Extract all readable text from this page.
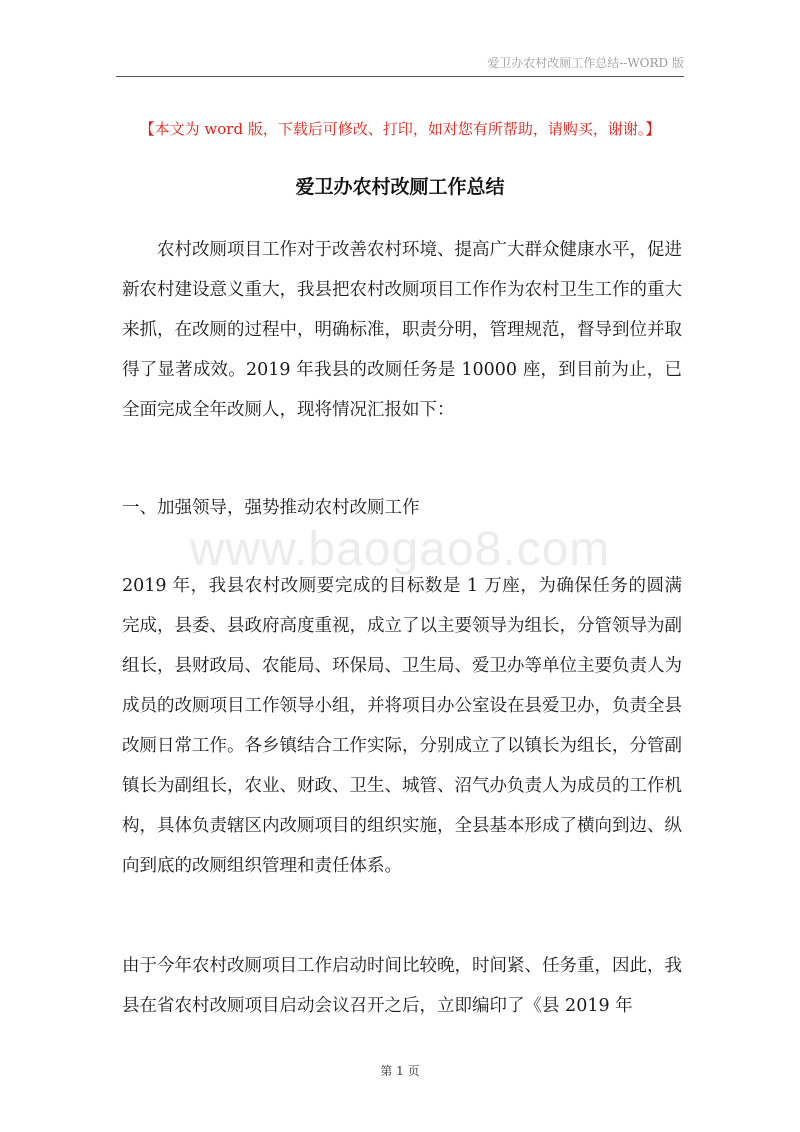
爱卫办农村改厕工作总结--WORD 版
【本文为 word 版，下载后可修改、打印，如对您有所帮助，请购买，谢谢。】
爱卫办农村改厕工作总结
农村改厕项目工作对于改善农村环境、提高广大群众健康水平，促进新农村建设意义重大，我县把农村改厕项目工作作为农村卫生工作的重大来抓，在改厕的过程中，明确标准，职责分明，管理规范，督导到位并取得了显著成效。2019 年我县的改厕任务是 10000 座，到目前为止，已全面完成全年改厕人，现将情况汇报如下：
一、加强领导，强势推动农村改厕工作
www.baogao8.com
2019 年，我县农村改厕要完成的目标数是 1 万座，为确保任务的圆满完成，县委、县政府高度重视，成立了以主要领导为组长，分管领导为副组长，县财政局、农能局、环保局、卫生局、爱卫办等单位主要负责人为成员的改厕项目工作领导小组，并将项目办公室设在县爱卫办，负责全县改厕日常工作。各乡镇结合工作实际，分别成立了以镇长为组长，分管副镇长为副组长，农业、财政、卫生、城管、沼气办负责人为成员的工作机构，具体负责辖区内改厕项目的组织实施，全县基本形成了横向到边、纵向到底的改厕组织管理和责任体系。
由于今年农村改厕项目工作启动时间比较晚，时间紧、任务重，因此，我县在省农村改厕项目启动会议召开之后，立即编印了《县 2019 年
第 1 页
